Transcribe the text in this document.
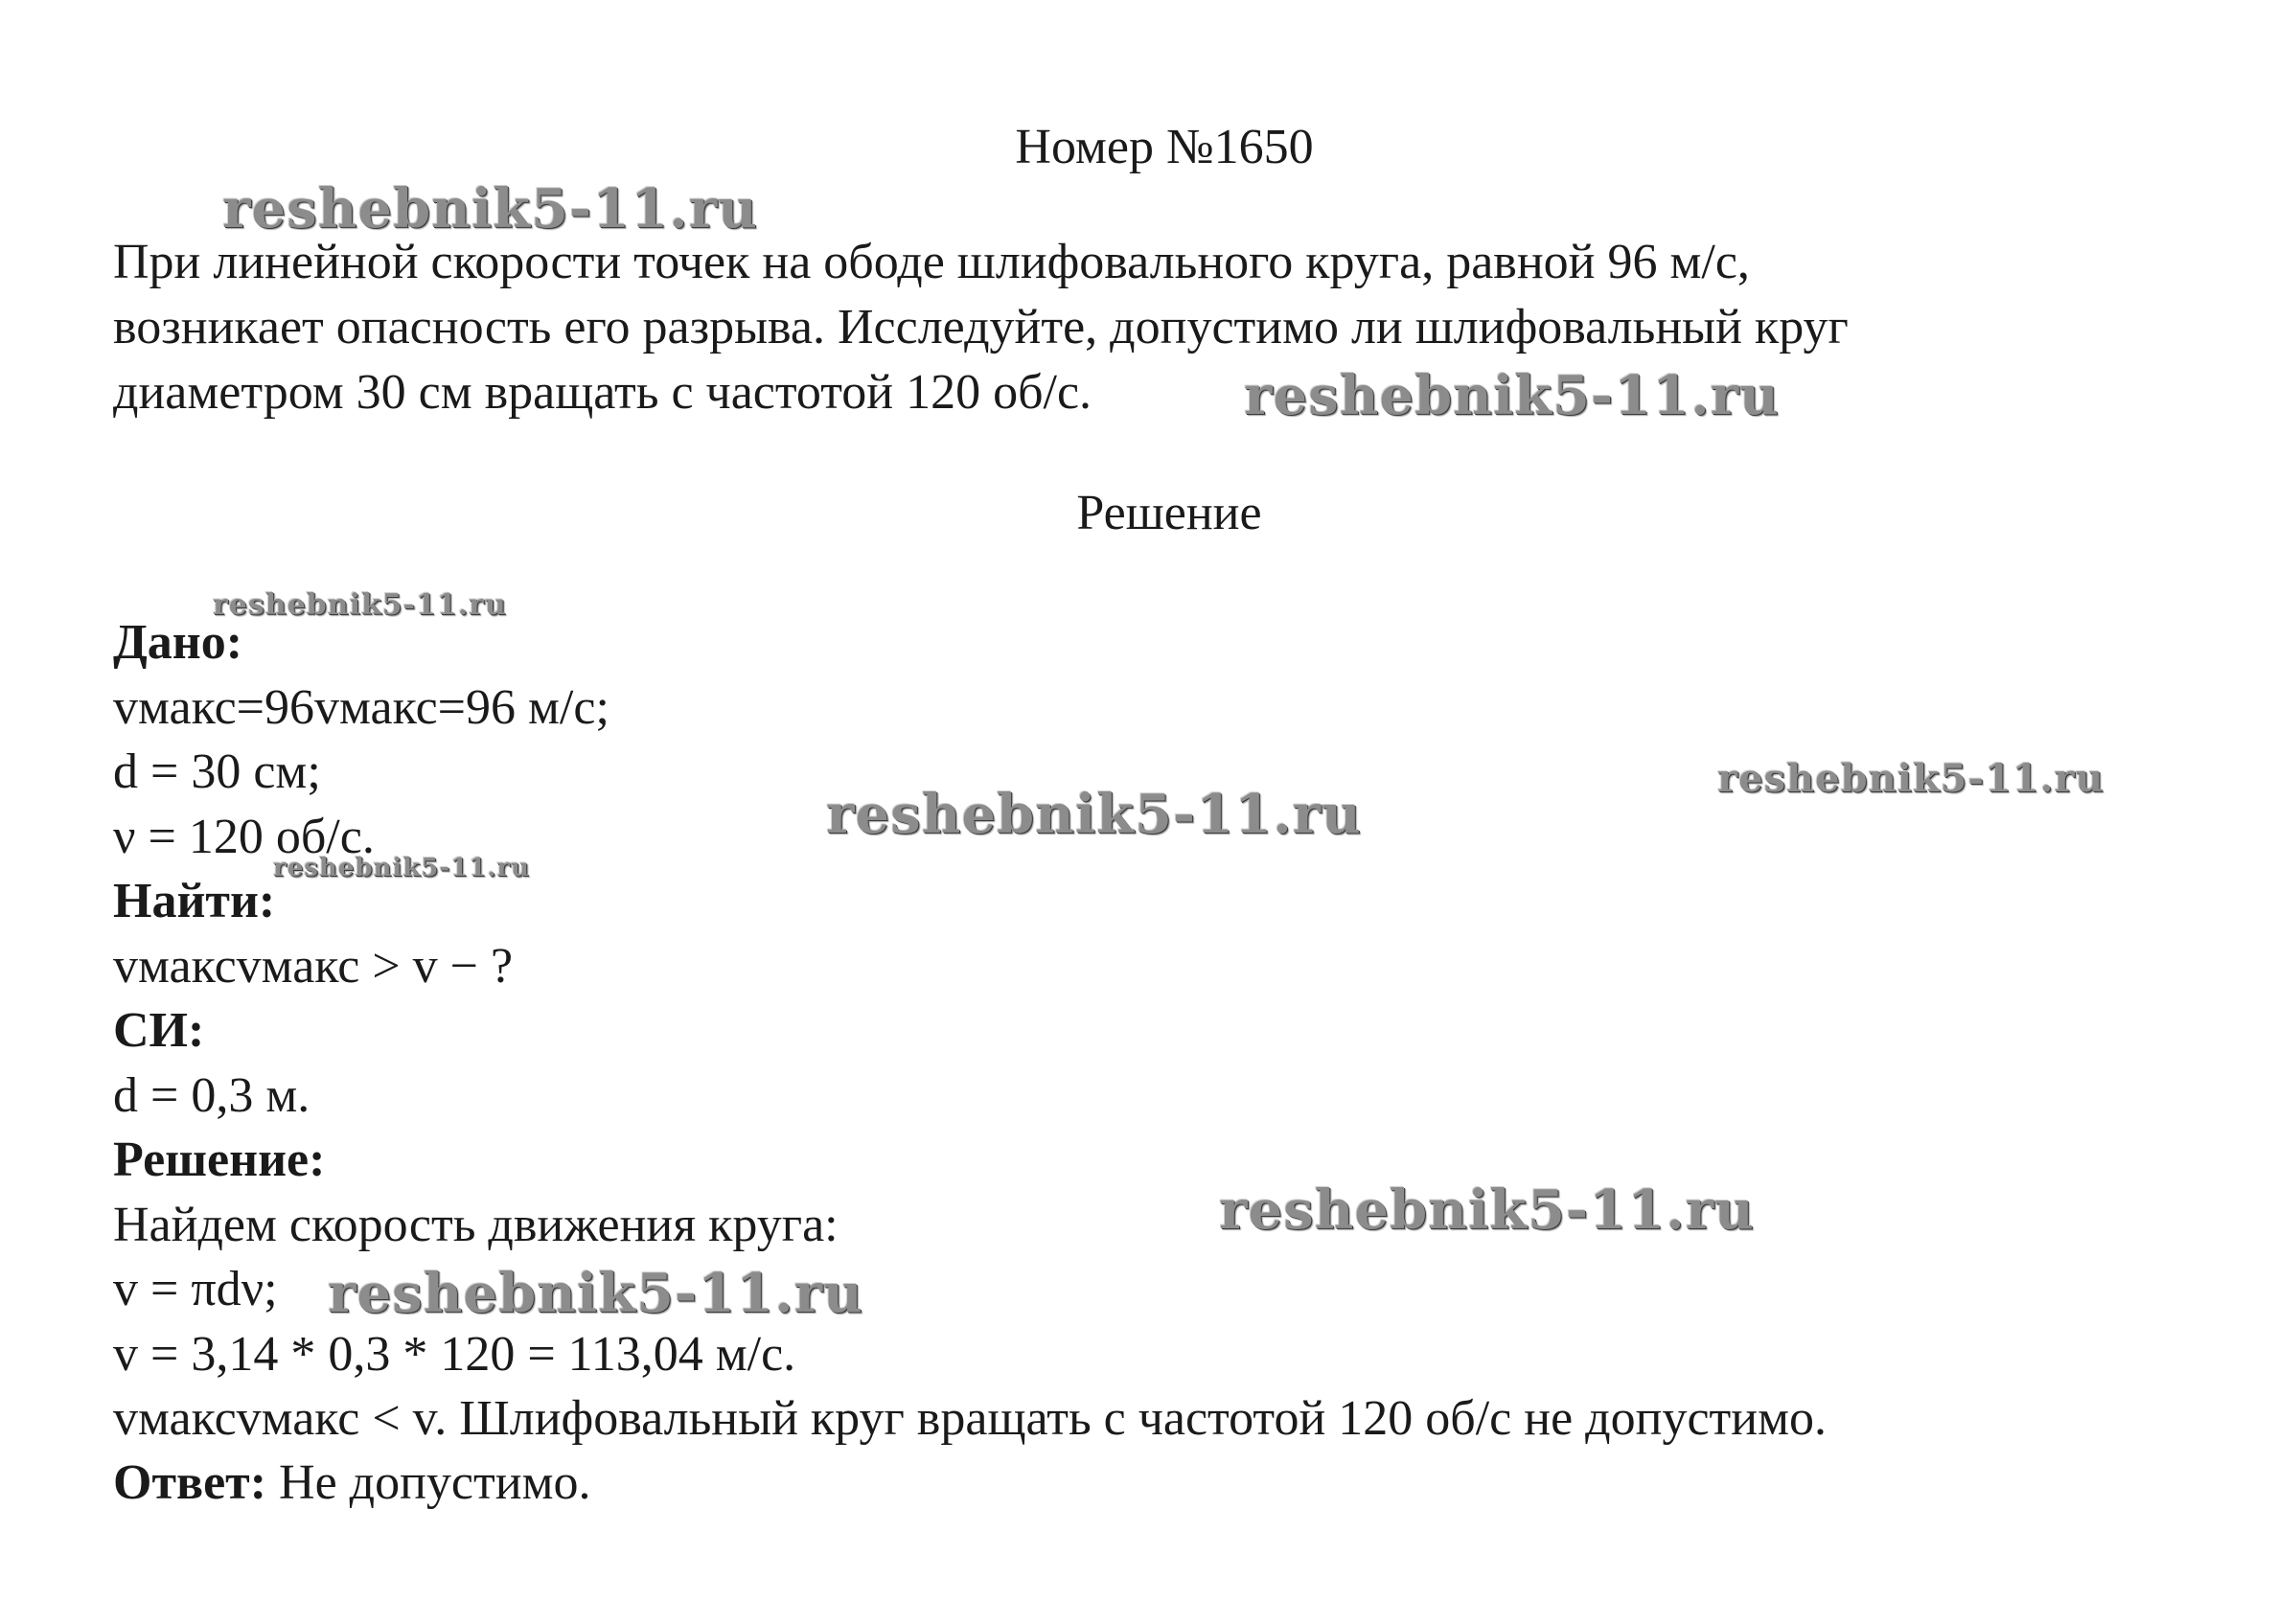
Номер №1650
При линейной скорости точек на ободе шлифовального круга, равной 96 м/с,
возникает опасность его разрыва. Исследуйте, допустимо ли шлифовальный круг
диаметром 30 см вращать с частотой 120 об/с.
Решение
Дано:
vмакс=96vмакс=96 м/с;
d = 30 см;
ν = 120 об/с.
Найти:
vмаксvмакс > v − ?
СИ:
d = 0,3 м.
Решение:
Найдем скорость движения круга:
v = πdν;
v = 3,14 * 0,3 * 120 = 113,04 м/с.
vмаксvмакс < v. Шлифовальный круг вращать с частотой 120 об/с не допустимо.
Ответ: Не допустимо.
reshebnik5-11.ru
reshebnik5-11.ru
reshebnik5-11.ru
reshebnik5-11.ru
reshebnik5-11.ru
reshebnik5-11.ru
reshebnik5-11.ru
reshebnik5-11.ru
